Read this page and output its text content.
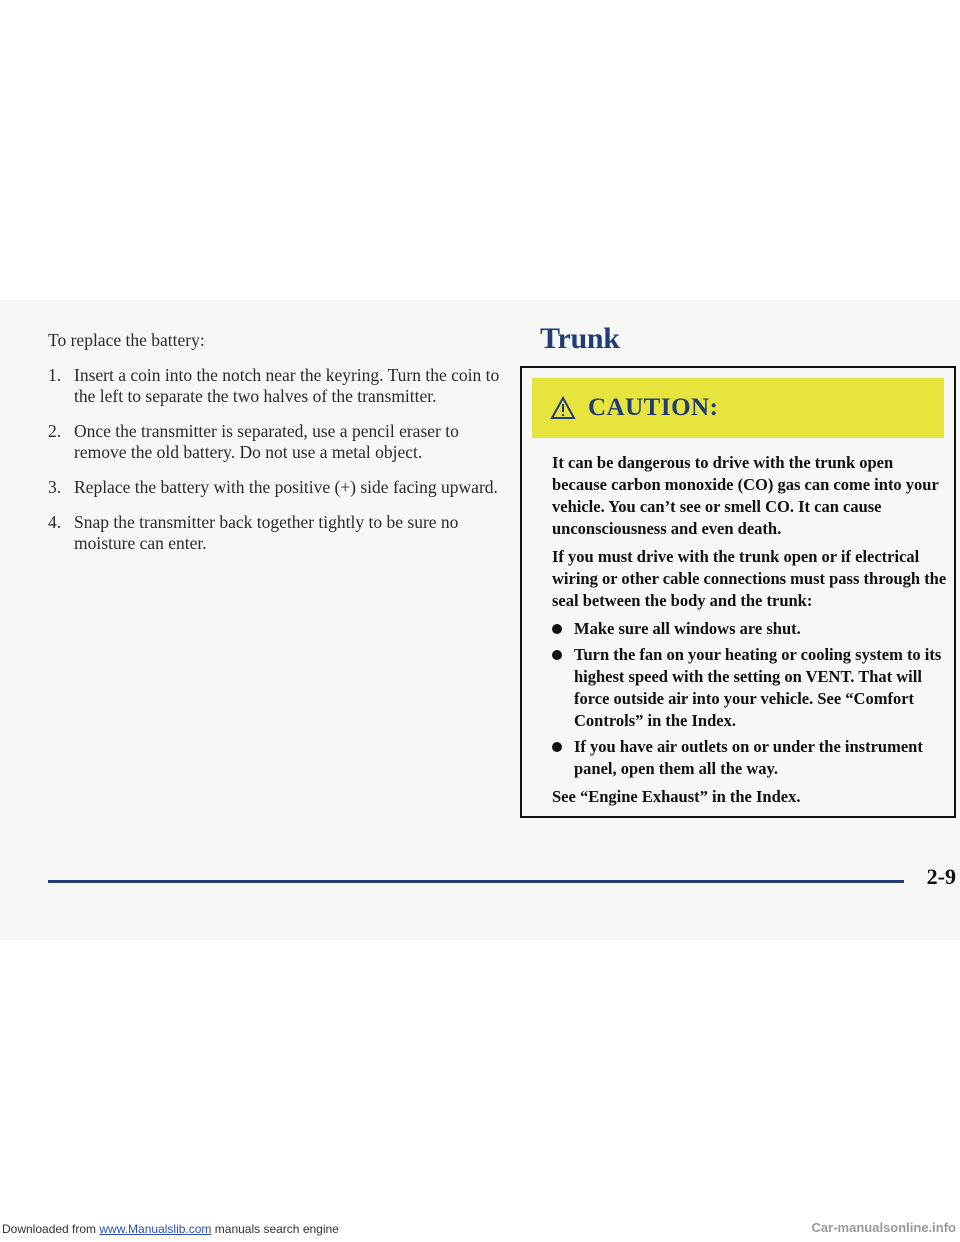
To replace the battery:

1. Insert a coin into the notch near the keyring. Turn the coin to the left to separate the two halves of the transmitter.
2. Once the transmitter is separated, use a pencil eraser to remove the old battery. Do not use a metal object.
3. Replace the battery with the positive (+) side facing upward.
4. Snap the transmitter back together tightly to be sure no moisture can enter.
Trunk
CAUTION:

It can be dangerous to drive with the trunk open because carbon monoxide (CO) gas can come into your vehicle. You can’t see or smell CO. It can cause unconsciousness and even death.

If you must drive with the trunk open or if electrical wiring or other cable connections must pass through the seal between the body and the trunk:

Make sure all windows are shut.
Turn the fan on your heating or cooling system to its highest speed with the setting on VENT. That will force outside air into your vehicle. See “Comfort Controls” in the Index.
If you have air outlets on or under the instrument panel, open them all the way.

See “Engine Exhaust” in the Index.

2-9
Downloaded from www.Manualslib.com manuals search engine	Car-manualsonline.info
